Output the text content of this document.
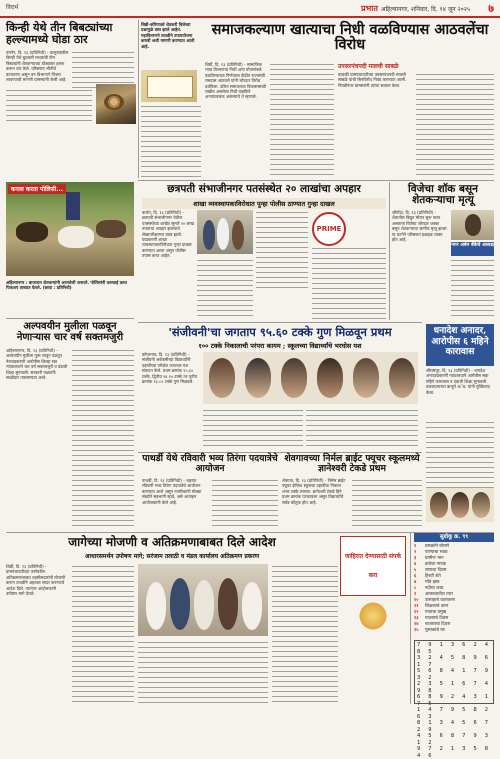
विदर्भ	प्रभात अहिल्यानगर, शनिवार, दि. १४ जून २०२५ ७
किन्ही येथे तीन बिबट्यांच्या हल्ल्यामध्ये घोडा ठार
पारनेर, दि. १३ (प्रतिनिधी) - तालुक्यातील किन्ही येथे बुधवारी मध्यरात्री तीन बिबट्यांनी शेतकऱ्याच्या घोड्यावर हल्ला करून ठार केले. परिसरात भीतीचे वातावरण असून वन विभागाने पिंजरा लावण्याची मागणी ग्रामस्थांनी केली आहे.
सिन्नी-कोरेगावचे शेतकरी विजेच्या प्रश्नामुळे त्रस्त झाले आहेत. महावितरणने तातडीने उपाययोजना करावी अशी मागणी करण्यात आली आहे.
समाजकल्याण खात्याचा निधी वळविण्यास आठवलेंचा विरोध
शिर्डी, दि. १३ (प्रतिनिधी) - सामाजिक न्याय विभागाचा निधी अन्य योजनांकडे वळविण्याच्या निर्णयाला केंद्रीय राज्यमंत्री रामदास आठवले यांनी जोरदार विरोध दर्शविला. दलित समाजाच्या विकासासाठी राखीव असलेला निधी वळविणे अन्यायकारक असल्याचे ते म्हणाले.
उपसरपंचपदी मालवी साबळे
वाळकी ग्रामपंचायतीच्या उपसरपंचपदी मालवी साबळे यांची बिनविरोध निवड करण्यात आली. निवडीनंतर ग्रामस्थांनी त्यांचा सत्कार केला.
कत्तल करता पोलिसी...
अहिल्यानगर : बाजारात शेतकऱ्यांनी आणलेली जनावरे. पोलिसांनी कारवाई करत पिकअप ताब्यात घेतले. (छाया : प्रतिनिधी)
छत्रपती संभाजीनगर पतसंस्थेत २० लाखांचा अपहार
शाखा व्यवस्थापकाविरोधात पुन्हा पोलीस ठाण्यात गुन्हा दाखल
कर्जत, दि. १३ (प्रतिनिधी) - छत्रपती संभाजीनगर येथील पतसंस्थेच्या शाखेत सुमारे २० लाख रुपयांचा अपहार झाल्याचे लेखापरीक्षणात उघड झाले. याप्रकरणी शाखा व्यवस्थापकाविरोधात गुन्हा दाखल करण्यात आला असून पोलीस तपास करत आहेत.
PRIME
विजेचा शॉक बसून शेतकऱ्याचा मृत्यू
श्रीगोंदा, दि. १३ (प्रतिनिधी) - शेतातील विद्युत मोटार सुरू करत असताना विजेचा जोरदार धक्का बसून शेतकऱ्याचा जागीच मृत्यू झाला. या घटनेने परिसरात हळहळ व्यक्त होत आहे.
नगर अर्बन बँकेचे अध्यक्ष
'संजीवनी'चा जगताप ९५.६० टक्के गुण मिळवून प्रथम
१०० टक्के निकालाची परंपरा कायम ; स्कूलच्या विद्यार्थ्यांचे भरघोस यश
कोपरगाव, दि. १३ (प्रतिनिधी) - संजीवनी अकॅडमीच्या विद्यार्थ्यांनी दहावीच्या परीक्षेत उज्ज्वल यश संपादन केले. प्रथम क्रमांक ९५.६० टक्के, द्वितीय ९४.२० टक्के तर तृतीय क्रमांक ९३.८० टक्के गुण मिळवले.
धनादेश अनादर, आरोपीस ६ महिने कारावास
श्रीरामपूर, दि. १३ (प्रतिनिधी) - धनादेश अनादरप्रकरणी न्यायालयाने आरोपीस सहा महिने कारावास व दंडाची शिक्षा सुनावली. तक्रारदाराच्या बाजूने अॅड. यांनी युक्तिवाद केला.
अल्पवयीन मुलीला पळवून नेणाऱ्यास चार वर्ष सक्तमजुरी
अहिल्यानगर, दि. १३ (प्रतिनिधी) - अल्पवयीन मुलीला फूस लावून पळवून नेल्याप्रकरणी आरोपीस जिल्हा सत्र न्यायालयाने चार वर्ष सक्तमजुरी व दंडाची शिक्षा सुनावली. सरकारी पक्षातर्फे साक्षीदार तपासण्यात आले.
पाथर्डी येथे रविवारी भव्य तिरंगा पदयात्रेचे आयोजन
पाथर्डी, दि. १३ (प्रतिनिधी) - शहरात रविवारी भव्य तिरंगा पदयात्रेचे आयोजन करण्यात आले असून नागरिकांनी मोठ्या संख्येने सहभागी व्हावे, असे आवाहन आयोजकांनी केले आहे.
शेवगावच्या निर्मल ब्राईट फ्यूचर स्कूलमध्ये ज्ञानेश्वरी टेकडे प्रथम
शेवगाव, दि. १३ (प्रतिनिधी) - निर्मल ब्राईट फ्यूचर इंग्लिश स्कूलचा दहावीचा निकाल शंभर टक्के लागला. ज्ञानेश्वरी टेकडे हिने प्रथम क्रमांक पटकावला असून विद्यार्थ्यांचे सर्वत्र कौतुक होत आहे.
जागेच्या मोजणी व अतिक्रमणाबाबत दिले आदेश
आधारसमर्थन उपोषण मागे; सरंजाम तलाठी व मंडल कार्यालय अतिक्रमण प्रकरण
शिर्डी, दि. १३ (प्रतिनिधी) - ग्रामपंचायतीच्या जागेवरील अतिक्रमणाबाबत तहसीलदारांनी मोजणी करून तातडीने अहवाल सादर करण्याचे आदेश दिले. त्यानंतर आंदोलकांनी उपोषण मागे घेतले.
जाहिरात देण्यासाठी संपर्क करा
सुडोकू क्र. ९९
१ प्रसन्नतेने बोलणे
२ पाण्याचा साठा
३ ग्रामीण भाग
४ कथेचा नायक
५ सणाचा दिवस
६ हिरवी शेते
७ मोठे झाड
८ नदीचा काठ
९ आकाशातील तारा
१० उत्साहाचे वातावरण
११ शिक्षकाचे काम
१२ गावाचा प्रमुख
१३ पावसाचे दिवस
१४ बाजाराचा दिवस
१५ पुस्तकांचे घर
7 9 1 3 6 2 4 8 5
3 2 4 5 8 9 6 1 7
5 6 8 4 1 7 9 3 2
2 3 5 1 6 7 4 9 8
6 8 9 2 4 3 1 7 5
1 4 7 9 5 8 2 6 3
8 1 3 4 5 6 7 2 9
4 5 6 8 7 9 3 1 2
9 7 2 1 3 5 8 4 6
